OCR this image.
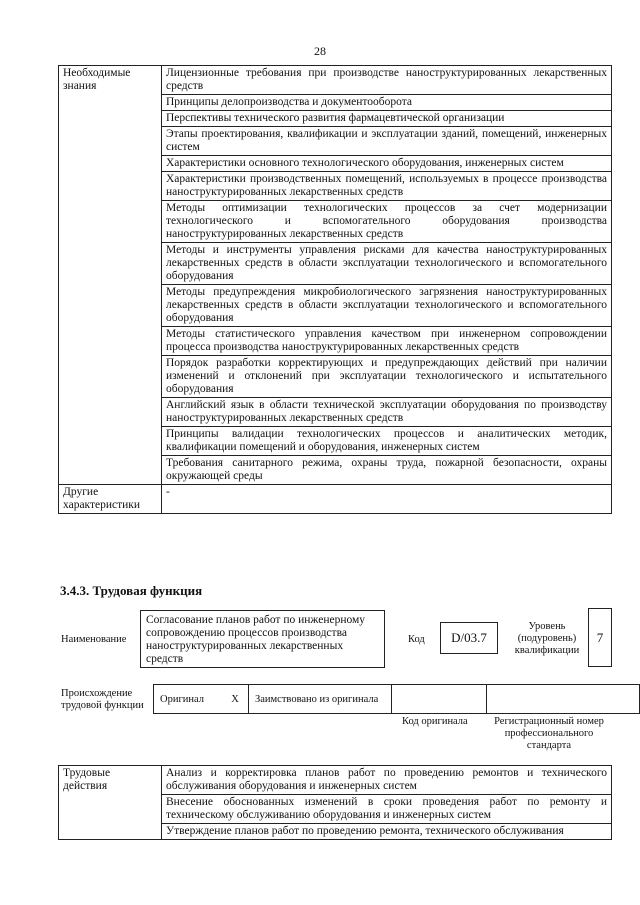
28
Необходимые знания	Лицензионные требования при производстве наноструктурированных лекарственных средств
	Принципы делопроизводства и документооборота
	Перспективы технического развития фармацевтической организации
	Этапы проектирования, квалификации и эксплуатации зданий, помещений, инженерных систем
	Характеристики основного технологического оборудования, инженерных систем
	Характеристики производственных помещений, используемых в процессе производства наноструктурированных лекарственных средств
	Методы оптимизации технологических процессов за счет модернизации технологического и вспомогательного оборудования производства наноструктурированных лекарственных средств
	Методы и инструменты управления рисками для качества наноструктурированных лекарственных средств в области эксплуатации технологического и вспомогательного оборудования
	Методы предупреждения микробиологического загрязнения наноструктурированных лекарственных средств в области эксплуатации технологического и вспомогательного оборудования
	Методы статистического управления качеством при инженерном сопровождении процесса производства наноструктурированных лекарственных средств
	Порядок разработки корректирующих и предупреждающих действий при наличии изменений и отклонений при эксплуатации технологического и испытательного оборудования
	Английский язык в области технической эксплуатации оборудования по производству наноструктурированных лекарственных средств
	Принципы валидации технологических процессов и аналитических методик, квалификации помещений и оборудования, инженерных систем
	Требования санитарного режима, охраны труда, пожарной безопасности, охраны окружающей среды
Другие характеристики	-
3.4.3. Трудовая функция
Наименование
Согласование планов работ по инженерному сопровождению процессов производства наноструктурированных лекарственных средств
Код	D/03.7
Уровень (подуровень) квалификации
7
Происхождение трудовой функции
Оригинал	X	Заимствовано из оригинала		
Код оригинала	Регистрационный номер профессионального стандарта
Трудовые действия	Анализ и корректировка планов работ по проведению ремонтов и технического обслуживания оборудования и инженерных систем
Внесение обоснованных изменений в сроки проведения работ по ремонту и техническому обслуживанию оборудования и инженерных систем
Утверждение планов работ по проведению ремонта, технического обслуживания
